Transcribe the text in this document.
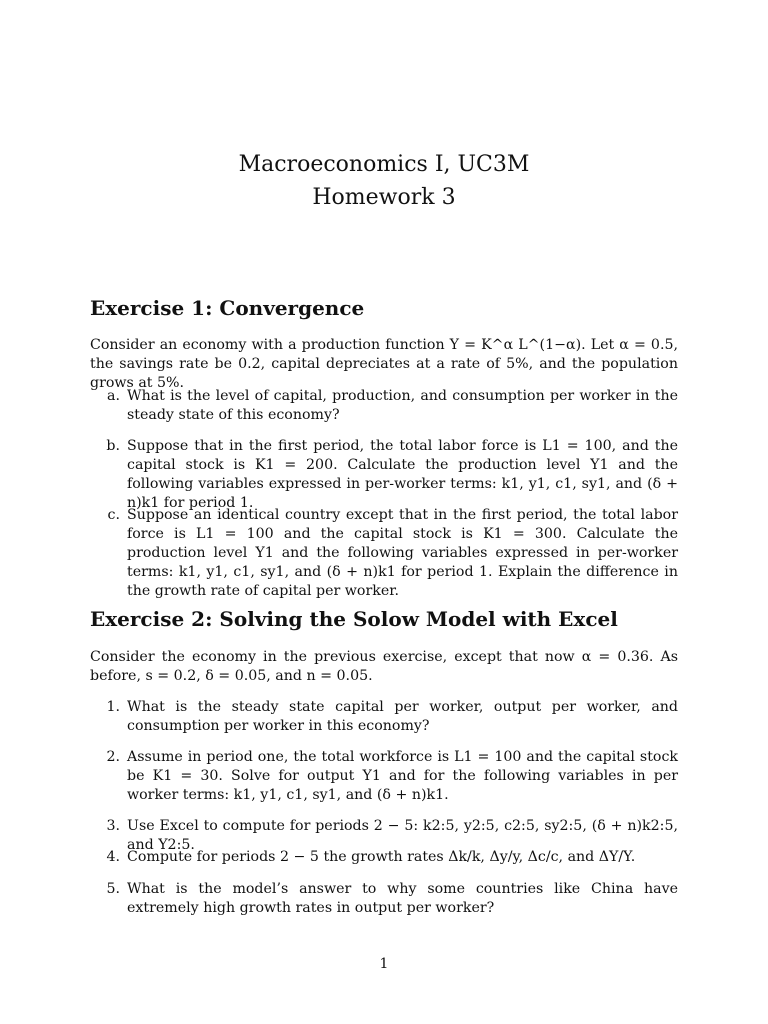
Macroeconomics I, UC3M
Homework 3
Exercise 1: Convergence
Consider an economy with a production function Y = K^α L^(1−α). Let α = 0.5, the savings rate be 0.2, capital depreciates at a rate of 5%, and the population grows at 5%.
a. What is the level of capital, production, and consumption per worker in the steady state of this economy?
b. Suppose that in the first period, the total labor force is L1 = 100, and the capital stock is K1 = 200. Calculate the production level Y1 and the following variables expressed in per-worker terms: k1, y1, c1, sy1, and (δ + n)k1 for period 1.
c. Suppose an identical country except that in the first period, the total labor force is L1 = 100 and the capital stock is K1 = 300. Calculate the production level Y1 and the following variables expressed in per-worker terms: k1, y1, c1, sy1, and (δ + n)k1 for period 1. Explain the difference in the growth rate of capital per worker.
Exercise 2: Solving the Solow Model with Excel
Consider the economy in the previous exercise, except that now α = 0.36. As before, s = 0.2, δ = 0.05, and n = 0.05.
1. What is the steady state capital per worker, output per worker, and consumption per worker in this economy?
2. Assume in period one, the total workforce is L1 = 100 and the capital stock be K1 = 30. Solve for output Y1 and for the following variables in per worker terms: k1, y1, c1, sy1, and (δ + n)k1.
3. Use Excel to compute for periods 2 − 5: k2:5, y2:5, c2:5, sy2:5, (δ + n)k2:5, and Y2:5.
4. Compute for periods 2 − 5 the growth rates Δk/k, Δy/y, Δc/c, and ΔY/Y.
5. What is the model’s answer to why some countries like China have extremely high growth rates in output per worker?
1
